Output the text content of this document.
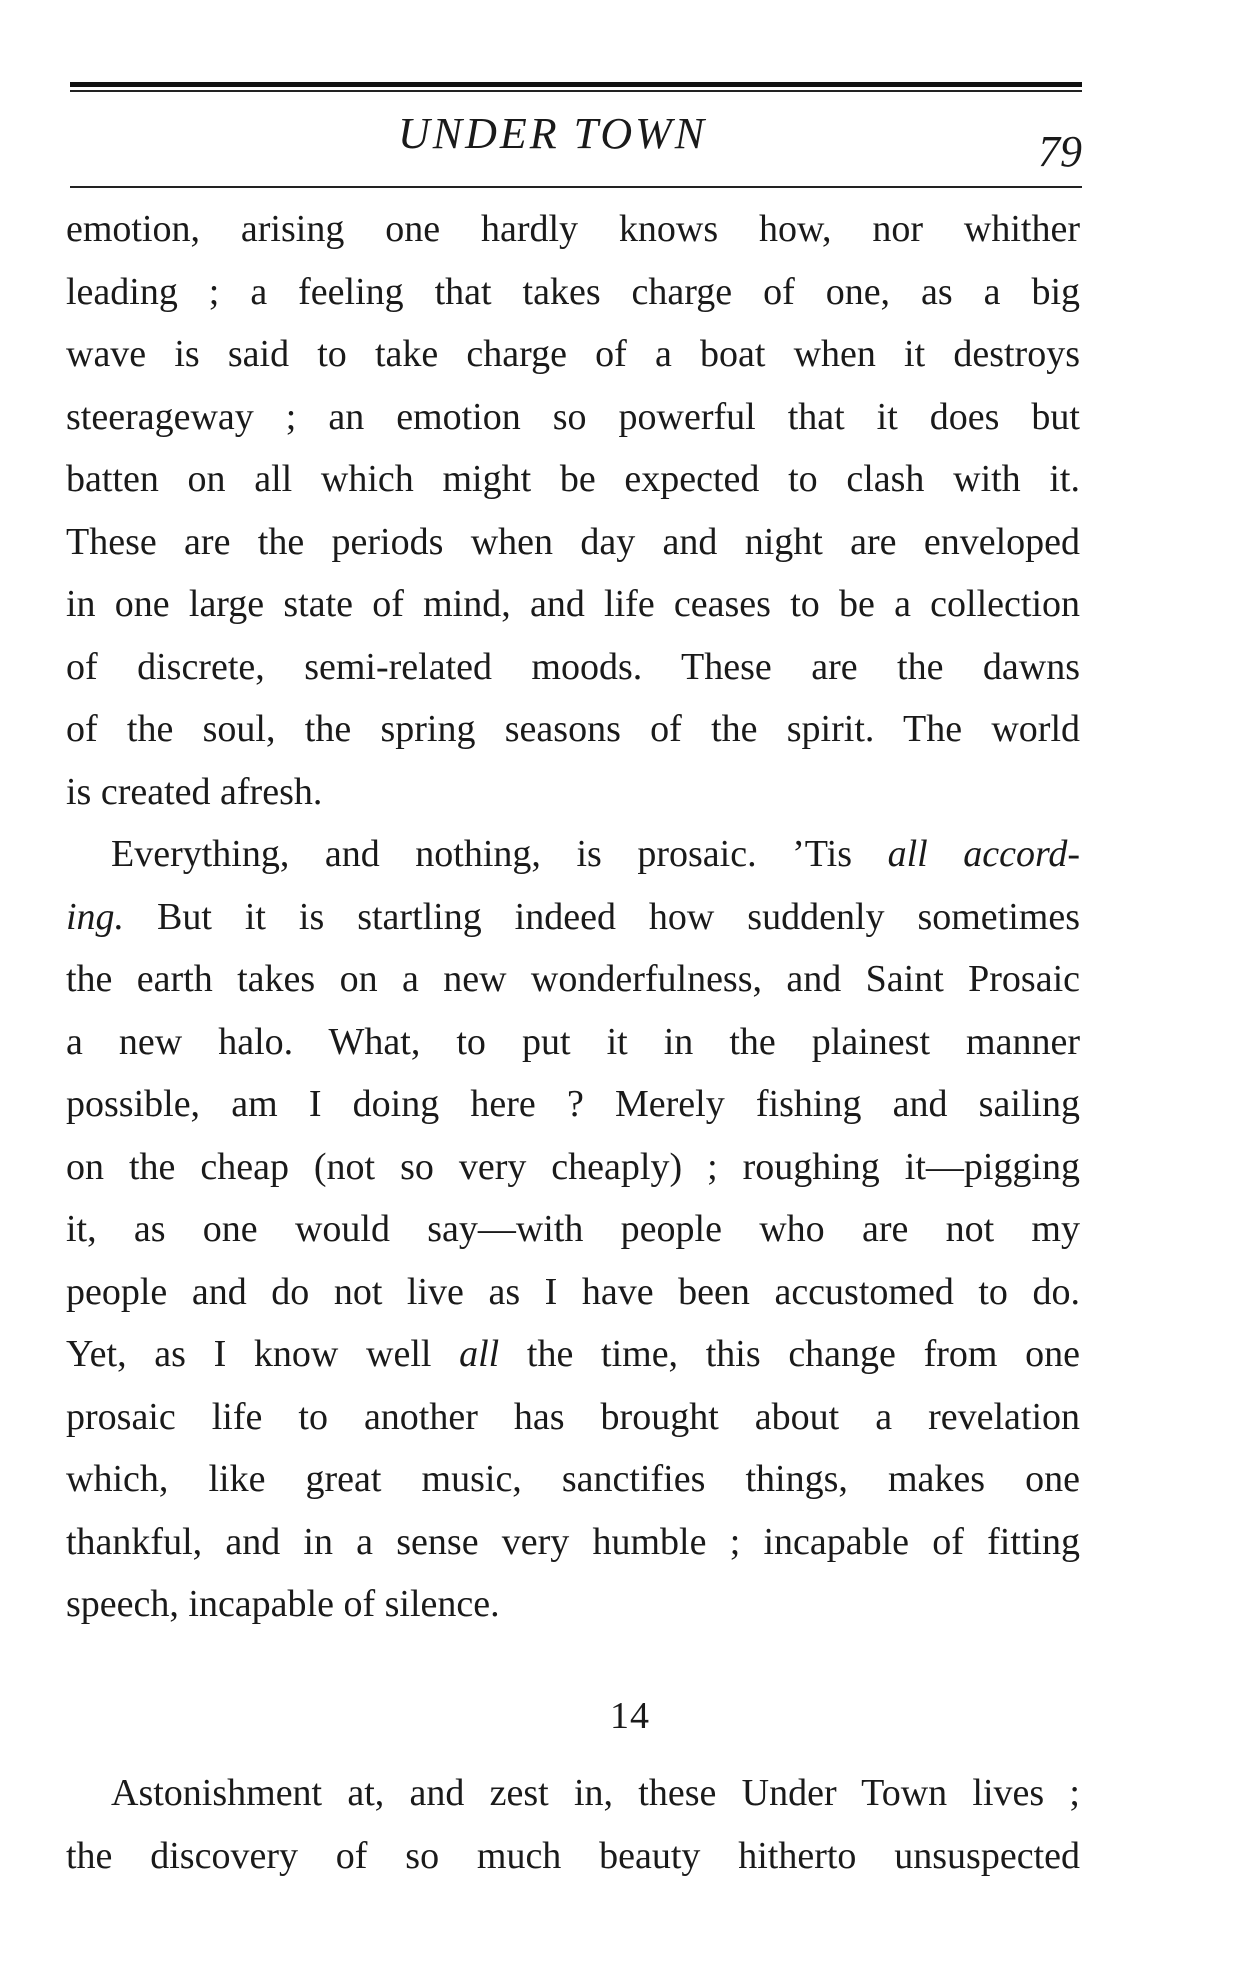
UNDER TOWN	79
emotion, arising one hardly knows how, nor whither
leading ; a feeling that takes charge of one, as a big
wave is said to take charge of a boat when it destroys
steerageway ; an emotion so powerful that it does but
batten on all which might be expected to clash with it.
These are the periods when day and night are enveloped
in one large state of mind, and life ceases to be a collection
of discrete, semi-related moods. These are the dawns
of the soul, the spring seasons of the spirit. The world
is created afresh.
Everything, and nothing, is prosaic. ’Tis all accord-
ing. But it is startling indeed how suddenly sometimes
the earth takes on a new wonderfulness, and Saint Prosaic
a new halo. What, to put it in the plainest manner
possible, am I doing here ? Merely fishing and sailing
on the cheap (not so very cheaply) ; roughing it—pigging
it, as one would say—with people who are not my
people and do not live as I have been accustomed to do.
Yet, as I know well all the time, this change from one
prosaic life to another has brought about a revelation
which, like great music, sanctifies things, makes one
thankful, and in a sense very humble ; incapable of fitting
speech, incapable of silence.
14
Astonishment at, and zest in, these Under Town lives ;
the discovery of so much beauty hitherto unsuspected
